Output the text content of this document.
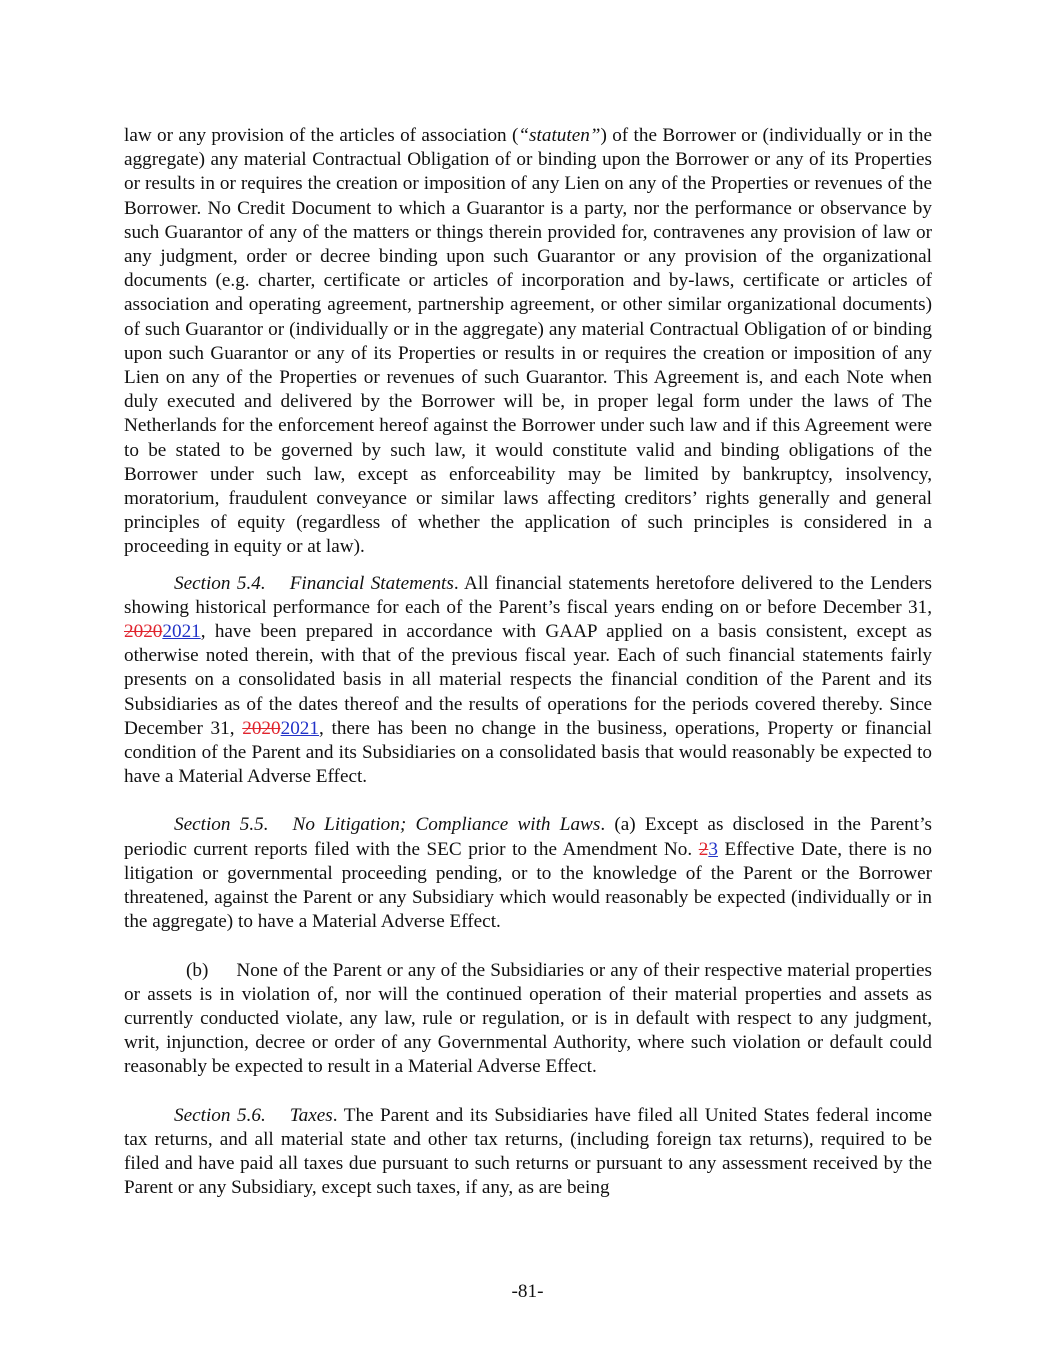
law or any provision of the articles of association (“statuten”) of the Borrower or (individually or in the aggregate) any material Contractual Obligation of or binding upon the Borrower or any of its Properties or results in or requires the creation or imposition of any Lien on any of the Properties or revenues of the Borrower. No Credit Document to which a Guarantor is a party, nor the performance or observance by such Guarantor of any of the matters or things therein provided for, contravenes any provision of law or any judgment, order or decree binding upon such Guarantor or any provision of the organizational documents (e.g. charter, certificate or articles of incorporation and by-laws, certificate or articles of association and operating agreement, partnership agreement, or other similar organizational documents) of such Guarantor or (individually or in the aggregate) any material Contractual Obligation of or binding upon such Guarantor or any of its Properties or results in or requires the creation or imposition of any Lien on any of the Properties or revenues of such Guarantor. This Agreement is, and each Note when duly executed and delivered by the Borrower will be, in proper legal form under the laws of The Netherlands for the enforcement hereof against the Borrower under such law and if this Agreement were to be stated to be governed by such law, it would constitute valid and binding obligations of the Borrower under such law, except as enforceability may be limited by bankruptcy, insolvency, moratorium, fraudulent conveyance or similar laws affecting creditors’ rights generally and general principles of equity (regardless of whether the application of such principles is considered in a proceeding in equity or at law).

Section 5.4. Financial Statements. All financial statements heretofore delivered to the Lenders showing historical performance for each of the Parent’s fiscal years ending on or before December 31, 20202021, have been prepared in accordance with GAAP applied on a basis consistent, except as otherwise noted therein, with that of the previous fiscal year. Each of such financial statements fairly presents on a consolidated basis in all material respects the financial condition of the Parent and its Subsidiaries as of the dates thereof and the results of operations for the periods covered thereby. Since December 31, 20202021, there has been no change in the business, operations, Property or financial condition of the Parent and its Subsidiaries on a consolidated basis that would reasonably be expected to have a Material Adverse Effect.

Section 5.5. No Litigation; Compliance with Laws. (a) Except as disclosed in the Parent’s periodic current reports filed with the SEC prior to the Amendment No. 23 Effective Date, there is no litigation or governmental proceeding pending, or to the knowledge of the Parent or the Borrower threatened, against the Parent or any Subsidiary which would reasonably be expected (individually or in the aggregate) to have a Material Adverse Effect.

(b) None of the Parent or any of the Subsidiaries or any of their respective material properties or assets is in violation of, nor will the continued operation of their material properties and assets as currently conducted violate, any law, rule or regulation, or is in default with respect to any judgment, writ, injunction, decree or order of any Governmental Authority, where such violation or default could reasonably be expected to result in a Material Adverse Effect.

Section 5.6. Taxes. The Parent and its Subsidiaries have filed all United States federal income tax returns, and all material state and other tax returns, (including foreign tax returns), required to be filed and have paid all taxes due pursuant to such returns or pursuant to any assessment received by the Parent or any Subsidiary, except such taxes, if any, as are being

-81-
